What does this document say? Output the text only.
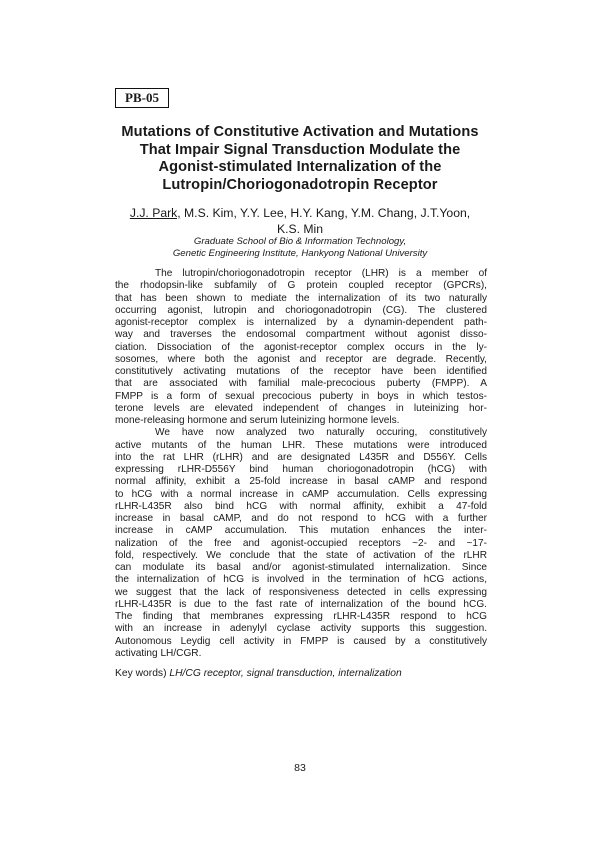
PB-05
Mutations of Constitutive Activation and Mutations
That Impair Signal Transduction Modulate the
Agonist-stimulated Internalization of the
Lutropin/Choriogonadotropin Receptor
J.J. Park, M.S. Kim, Y.Y. Lee, H.Y. Kang, Y.M. Chang, J.T.Yoon,
K.S. Min
Graduate School of Bio & Information Technology,
Genetic Engineering Institute, Hankyong National University
The lutropin/choriogonadotropin receptor (LHR) is a member of
the rhodopsin-like subfamily of G protein coupled receptor (GPCRs),
that has been shown to mediate the internalization of its two naturally
occurring agonist, lutropin and choriogonadotropin (CG). The clustered
agonist-receptor complex is internalized by a dynamin-dependent path-
way and traverses the endosomal compartment without agonist disso-
ciation. Dissociation of the agonist-receptor complex occurs in the ly-
sosomes, where both the agonist and receptor are degrade. Recently,
constitutively activating mutations of the receptor have been identified
that are associated with familial male-precocious puberty (FMPP). A
FMPP is a form of sexual precocious puberty in boys in which testos-
terone levels are elevated independent of changes in luteinizing hor-
mone-releasing hormone and serum luteinizing hormone levels.
We have now analyzed two naturally occuring, constitutively
active mutants of the human LHR. These mutations were introduced
into the rat LHR (rLHR) and are designated L435R and D556Y. Cells
expressing rLHR-D556Y bind human choriogonadotropin (hCG) with
normal affinity, exhibit a 25-fold increase in basal cAMP and respond
to hCG with a normal increase in cAMP accumulation. Cells expressing
rLHR-L435R also bind hCG with normal affinity, exhibit a 47-fold
increase in basal cAMP, and do not respond to hCG with a further
increase in cAMP accumulation. This mutation enhances the inter-
nalization of the free and agonist-occupied receptors ~2- and ~17-
fold, respectively. We conclude that the state of activation of the rLHR
can modulate its basal and/or agonist-stimulated internalization. Since
the internalization of hCG is involved in the termination of hCG actions,
we suggest that the lack of responsiveness detected in cells expressing
rLHR-L435R is due to the fast rate of internalization of the bound hCG.
The finding that membranes expressing rLHR-L435R respond to hCG
with an increase in adenylyl cyclase activity supports this suggestion.
Autonomous Leydig cell activity in FMPP is caused by a constitutively
activating LH/CGR.
Key words) LH/CG receptor, signal transduction, internalization
83
